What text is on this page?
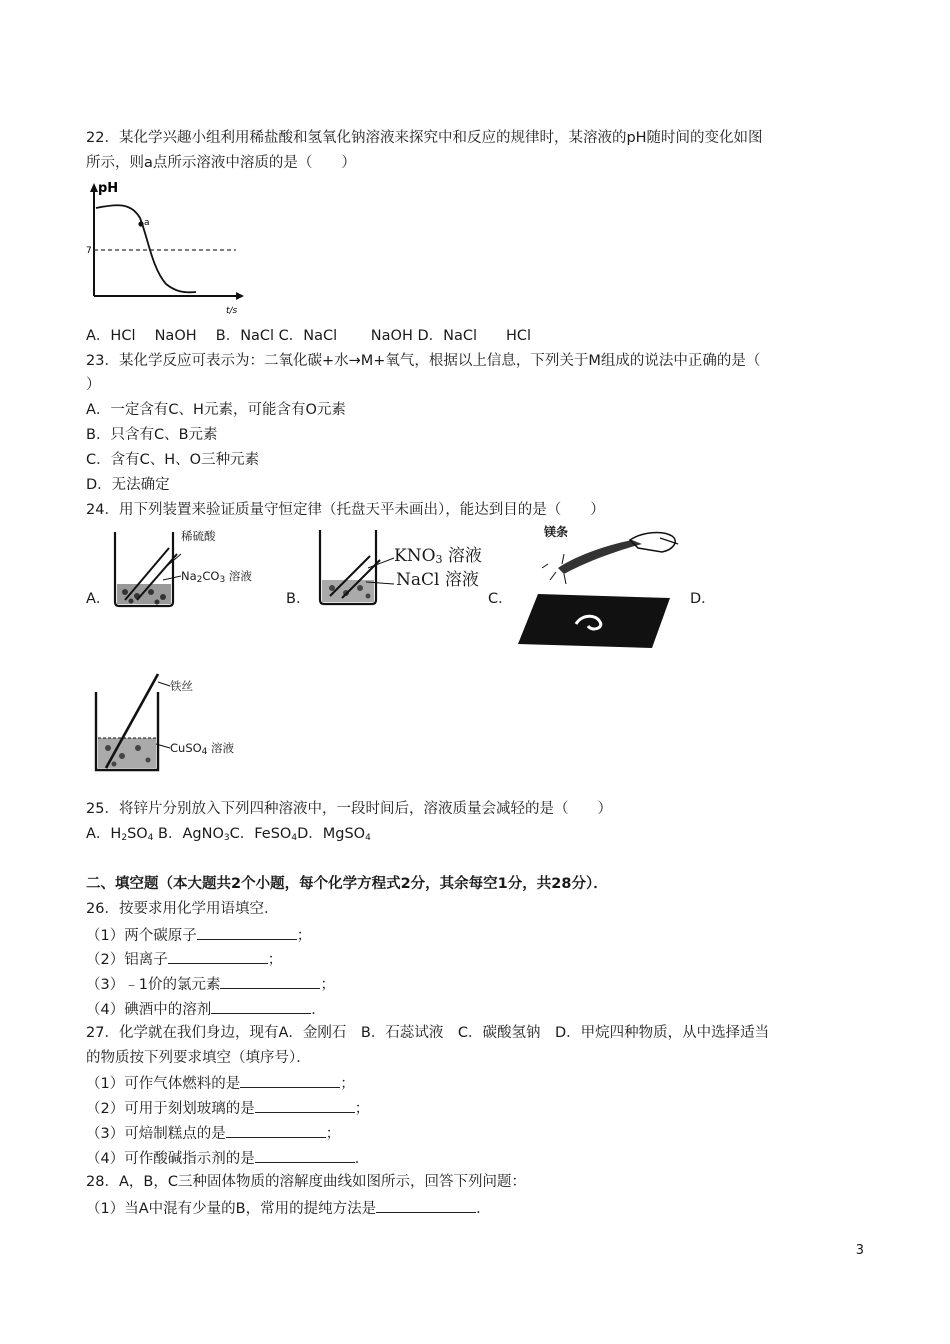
22．某化学兴趣小组利用稀盐酸和氢氧化钠溶液来探究中和反应的规律时，某溶液的pH随时间的变化如图
所示，则a点所示溶液中溶质的是（　　）
pH
7
a
t/s
A．HCl　 NaOH　 B．NaCl C．NaCl　　 NaOH D．NaCl　　HCl
23．某化学反应可表示为：二氧化碳+水→M+氧气，根据以上信息，下列关于M组成的说法中正确的是（
）
A．一定含有C、H元素，可能含有O元素
B．只含有C、B元素
C．含有C、H、O三种元素
D．无法确定
24．用下列装置来验证质量守恒定律（托盘天平未画出），能达到目的是（　　）
A．
稀硫酸
$Na_2CO_3$ 溶液
B．
$KNO_3$ 溶液
NaCl 溶液
C．
镁条
D．
铁丝
CuSO$_4$ 溶液
25．将锌片分别放入下列四种溶液中，一段时间后，溶液质量会减轻的是（　　）
A．$H_2SO_4$ B．AgNO$_3$C．FeSO$_4$D．MgSO$_4$
二、填空题（本大题共2个小题，每个化学方程式2分，其余每空1分，共28分）．
26．按要求用化学用语填空．
（1）两个碳原子	；
（2）铝离子	；
（3）﹣1价的氯元素	；
（4）碘酒中的溶剂	．
27．化学就在我们身边，现有A．金刚石　B．石蕊试液　C．碳酸氢钠　D．甲烷四种物质，从中选择适当
的物质按下列要求填空（填序号）．
（1）可作气体燃料的是	；
（2）可用于刻划玻璃的是	；
（3）可焙制糕点的是	；
（4）可作酸碱指示剂的是	．
28．A，B，C三种固体物质的溶解度曲线如图所示，回答下列问题：
（1）当A中混有少量的B，常用的提纯方法是	．
3
